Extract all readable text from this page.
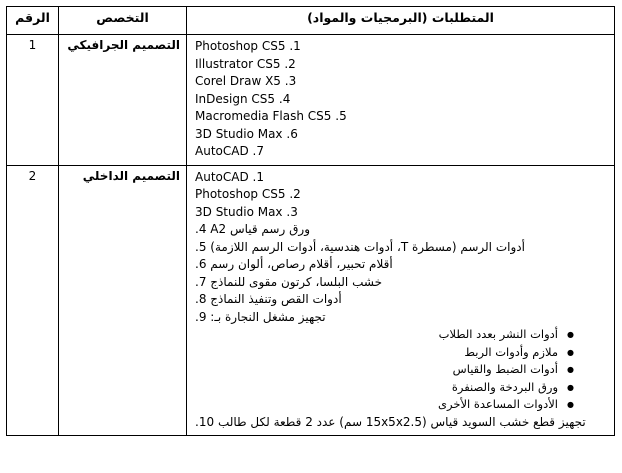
المتطلبات (البرمجيات والمواد)	التخصص	الرقم

1. Photoshop CS5
2. Illustrator CS5
3. Corel Draw X5
4. InDesign CS5
5. Macromedia Flash CS5
6. 3D Studio Max
7. AutoCAD
	التصميم الجرافيكي	1

1. AutoCAD
2. Photoshop CS5
3. 3D Studio Max
ورق رسم قياس A2 4.
أدوات الرسم (مسطرة T، أدوات هندسية، أدوات الرسم اللازمة) 5.
أقلام تحبير، أقلام رصاص، ألوان رسم 6.
خشب البلسا، كرتون مقوى للنماذج 7.
أدوات القص وتنفيذ النماذج 8.
تجهيز مشغل النجارة بـ: 9.
● أدوات النشر بعدد الطلاب
● ملازم وأدوات الربط
● أدوات الضبط والقياس
● ورق البردخة والصنفرة
● الأدوات المساعدة الأخرى
تجهيز قطع خشب السويد قياس (15x5x2.5 سم) عدد 2 قطعة لكل طالب 10.
	التصميم الداخلي	2
